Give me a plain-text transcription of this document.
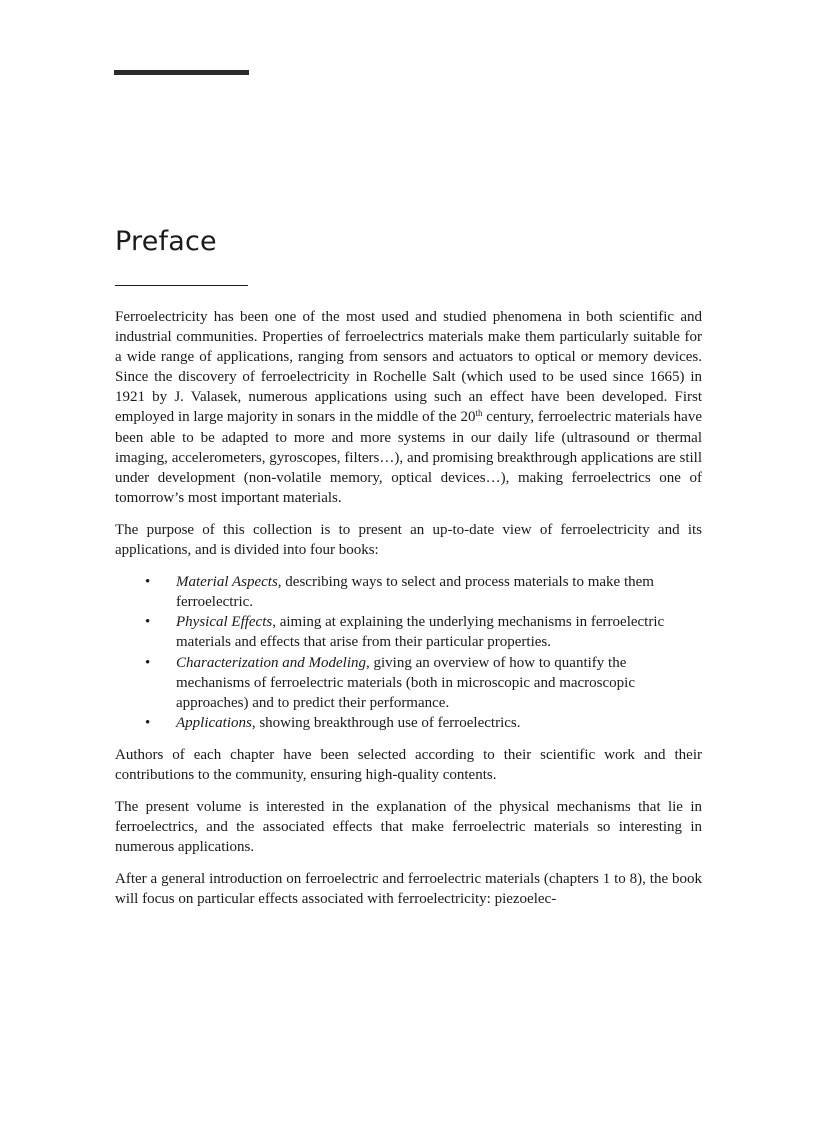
Preface

Ferroelectricity has been one of the most used and studied phenomena in both scientific and industrial communities. Properties of ferroelectrics materials make them particularly suitable for a wide range of applications, ranging from sensors and actuators to optical or memory devices. Since the discovery of ferroelectricity in Rochelle Salt (which used to be used since 1665) in 1921 by J. Valasek, numerous applications using such an effect have been developed. First employed in large majority in sonars in the middle of the 20th century, ferroelectric materials have been able to be adapted to more and more systems in our daily life (ultrasound or thermal imaging, accelerometers, gyroscopes, filters…), and promising breakthrough applications are still under development (non-volatile memory, optical devices…), making ferroelectrics one of tomorrow’s most important materials.

The purpose of this collection is to present an up-to-date view of ferroelectricity and its applications, and is divided into four books:

• Material Aspects, describing ways to select and process materials to make them ferroelectric.
• Physical Effects, aiming at explaining the underlying mechanisms in ferroelectric materials and effects that arise from their particular properties.
• Characterization and Modeling, giving an overview of how to quantify the mechanisms of ferroelectric materials (both in microscopic and macroscopic approaches) and to predict their performance.
• Applications, showing breakthrough use of ferroelectrics.

Authors of each chapter have been selected according to their scientific work and their contributions to the community, ensuring high-quality contents.

The present volume is interested in the explanation of the physical mechanisms that lie in ferroelectrics, and the associated effects that make ferroelectric materials so interesting in numerous applications.

After a general introduction on ferroelectric and ferroelectric materials (chapters 1 to 8), the book will focus on particular effects associated with ferroelectricity: piezoelec-
